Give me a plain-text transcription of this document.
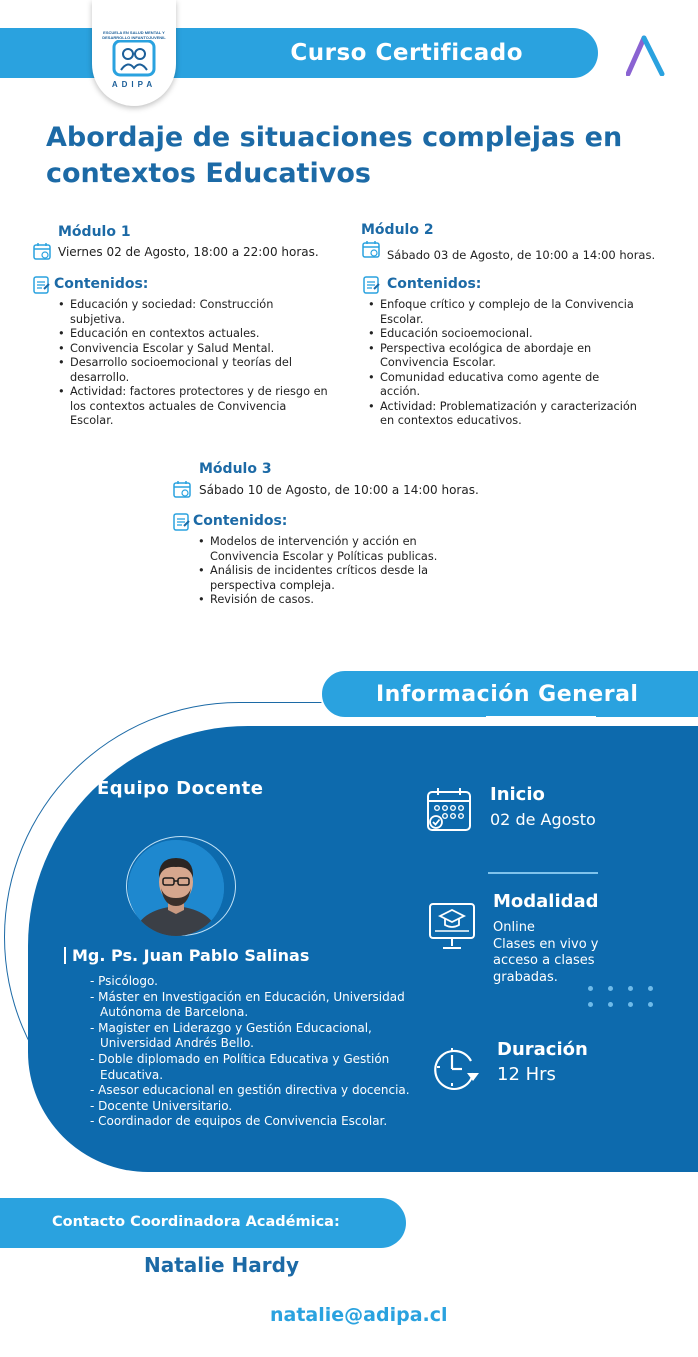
Curso Certificado
ESCUELA EN SALUD MENTAL Y DESARROLLO INFANTOJUVENIL
ADIPA
Abordaje de situaciones complejas en contextos Educativos
Módulo 1
Viernes 02 de Agosto, 18:00 a 22:00 horas.
Contenidos:
• Educación y sociedad: Construcción subjetiva.
• Educación en contextos actuales.
• Convivencia Escolar y Salud Mental.
• Desarrollo socioemocional y teorías del desarrollo.
• Actividad: factores protectores y de riesgo en los contextos actuales de Convivencia Escolar.
Módulo 2
Sábado 03 de Agosto, de 10:00 a 14:00 horas.
Contenidos:
• Enfoque crítico y complejo de la Convivencia Escolar.
• Educación socioemocional.
• Perspectiva ecológica de abordaje en Convivencia Escolar.
• Comunidad educativa como agente de acción.
• Actividad: Problematización y caracterización en contextos educativos.
Módulo 3
Sábado 10 de Agosto, de 10:00 a 14:00 horas.
Contenidos:
• Modelos de intervención y acción en Convivencia Escolar y Políticas publicas.
• Análisis de incidentes críticos desde la perspectiva compleja.
• Revisión de casos.
Información General
Equipo Docente
Mg. Ps. Juan Pablo Salinas
- Psicólogo.
- Máster en Investigación en Educación, Universidad Autónoma de Barcelona.
- Magister en Liderazgo y Gestión Educacional, Universidad Andrés Bello.
- Doble diplomado en Política Educativa y Gestión Educativa.
- Asesor educacional en gestión directiva y docencia.
- Docente Universitario.
- Coordinador de equipos de Convivencia Escolar.
Inicio
02 de Agosto
Modalidad
Online
Clases en vivo y
acceso a clases
grabadas.
Duración
12 Hrs
Contacto Coordinadora Académica:
Natalie Hardy
natalie@adipa.cl
